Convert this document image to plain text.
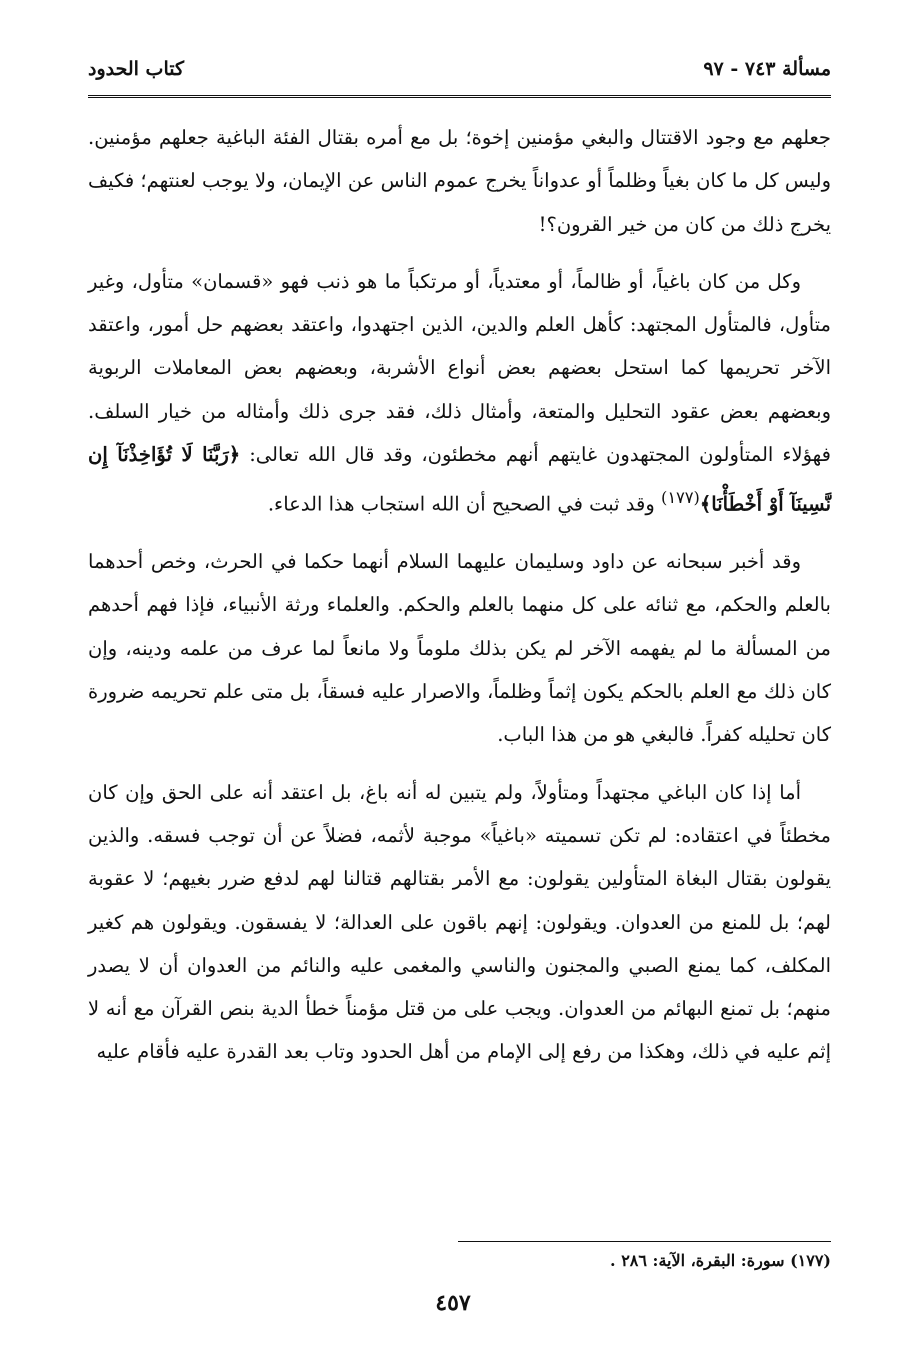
مسألة ٧٤٣ - ٩٧
كتاب الحدود

جعلهم مع وجود الاقتتال والبغي مؤمنين إخوة؛ بل مع أمره بقتال الفئة الباغية جعلهم مؤمنين. وليس كل ما كان بغياً وظلماً أو عدواناً يخرج عموم الناس عن الإيمان، ولا يوجب لعنتهم؛ فكيف يخرج ذلك من كان من خير القرون؟!

وكل من كان باغياً، أو ظالماً، أو معتدياً، أو مرتكباً ما هو ذنب فهو «قسمان» متأول، وغير متأول، فالمتأول المجتهد: كأهل العلم والدين، الذين اجتهدوا، واعتقد بعضهم حل أمور، واعتقد الآخر تحريمها كما استحل بعضهم بعض أنواع الأشربة، وبعضهم بعض المعاملات الربوية وبعضهم بعض عقود التحليل والمتعة، وأمثال ذلك، فقد جرى ذلك وأمثاله من خيار السلف. فهؤلاء المتأولون المجتهدون غايتهم أنهم مخطئون، وقد قال الله تعالى: ﴿رَبَّنَا لَا تُؤَاخِذْنَآ إِن نَّسِينَآ أَوْ أَخْطَأْنَا﴾$^{(١٧٧)}$ وقد ثبت في الصحيح أن الله استجاب هذا الدعاء.

وقد أخبر سبحانه عن داود وسليمان عليهما السلام أنهما حكما في الحرث، وخص أحدهما بالعلم والحكم، مع ثنائه على كل منهما بالعلم والحكم. والعلماء ورثة الأنبياء، فإذا فهم أحدهم من المسألة ما لم يفهمه الآخر لم يكن بذلك ملوماً ولا مانعاً لما عرف من علمه ودينه، وإن كان ذلك مع العلم بالحكم يكون إثماً وظلماً، والاصرار عليه فسقاً، بل متى علم تحريمه ضرورة كان تحليله كفراً. فالبغي هو من هذا الباب.

أما إذا كان الباغي مجتهداً ومتأولاً، ولم يتبين له أنه باغ، بل اعتقد أنه على الحق وإن كان مخطئاً في اعتقاده: لم تكن تسميته «باغياً» موجبة لأثمه، فضلاً عن أن توجب فسقه. والذين يقولون بقتال البغاة المتأولين يقولون: مع الأمر بقتالهم قتالنا لهم لدفع ضرر بغيهم؛ لا عقوبة لهم؛ بل للمنع من العدوان. ويقولون: إنهم باقون على العدالة؛ لا يفسقون. ويقولون هم كغير المكلف، كما يمنع الصبي والمجنون والناسي والمغمى عليه والنائم من العدوان أن لا يصدر منهم؛ بل تمنع البهائم من العدوان. ويجب على من قتل مؤمناً خطأ الدية بنص القرآن مع أنه لا إثم عليه في ذلك، وهكذا من رفع إلى الإمام من أهل الحدود وتاب بعد القدرة عليه فأقام عليه

(١٧٧) سورة: البقرة، الآية: ٢٨٦ .
٤٥٧
